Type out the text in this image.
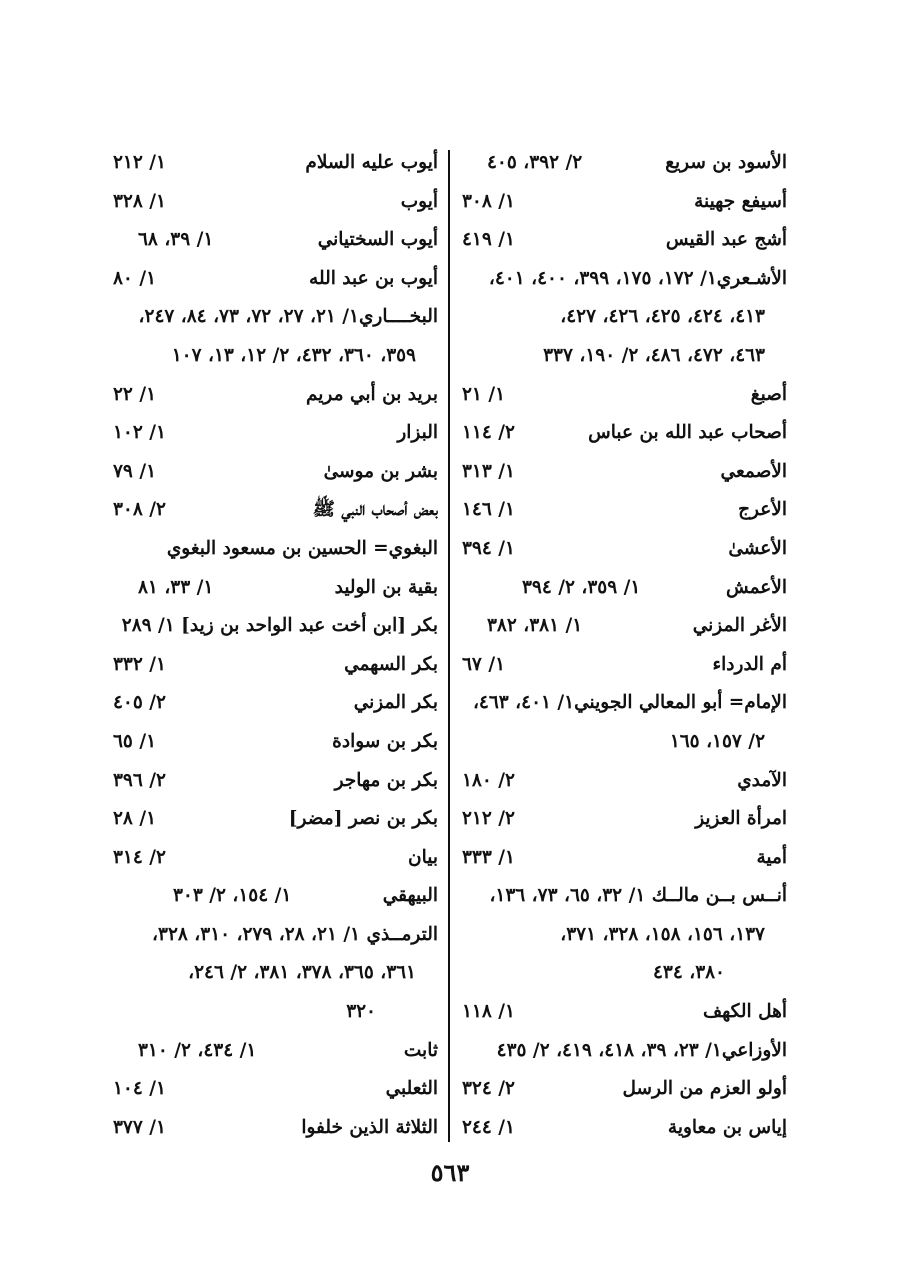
الأسود بن سريع
٢/ ٣٩٢، ٤٠٥
أسيفع جهينة
١/ ٣٠٨
أشج عبد القيس
١/ ٤١٩
الأشـعري١/ ١٧٢، ١٧٥، ٣٩٩، ٤٠٠، ٤٠١،
٤١٣، ٤٢٤، ٤٢٥، ٤٢٦، ٤٢٧،
٤٦٣، ٤٧٢، ٤٨٦، ٢/ ١٩٠، ٣٣٧
أصبغ
١/ ٢١
أصحاب عبد الله بن عباس
٢/ ١١٤
الأصمعي
١/ ٣١٣
الأعرج
١/ ١٤٦
الأعشىٰ
١/ ٣٩٤
الأعمش
١/ ٣٥٩، ٢/ ٣٩٤
الأغر المزني
١/ ٣٨١، ٣٨٢
أم الدرداء
١/ ٦٧
الإمام= أبو المعالي الجويني١/ ٤٠١، ٤٦٣،
٢/ ١٥٧، ١٦٥
الآمدي
٢/ ١٨٠
امرأة العزيز
٢/ ٢١٢
أمية
١/ ٣٣٣
أنــس بــن مالــك ١/ ٣٢، ٦٥، ٧٣، ١٣٦،
١٣٧، ١٥٦، ١٥٨، ٣٢٨، ٣٧١،
٣٨٠، ٤٣٤
أهل الكهف
١/ ١١٨
الأوزاعي١/ ٢٣، ٣٩، ٤١٨، ٤١٩، ٢/ ٤٣٥
أولو العزم من الرسل
٢/ ٣٢٤
إياس بن معاوية
١/ ٢٤٤
أيوب عليه السلام
١/ ٢١٢
أيوب
١/ ٣٢٨
أيوب السختياني
١/ ٣٩، ٦٨
أيوب بن عبد الله
١/ ٨٠
البخــــاري١/ ٢١، ٢٧، ٧٢، ٧٣، ٨٤، ٢٤٧،
٣٥٩، ٣٦٠، ٤٣٢، ٢/ ١٢، ١٣، ١٠٧
بريد بن أبي مريم
١/ ٢٢
البزار
١/ ١٠٢
بشر بن موسىٰ
١/ ٧٩
بعض أصحاب النبي ﷺ
٢/ ٣٠٨
البغوي= الحسين بن مسعود البغوي
بقية بن الوليد
١/ ٣٣، ٨١
بكر [ابن أخت عبد الواحد بن زيد] ١/ ٢٨٩
بكر السهمي
١/ ٣٣٢
بكر المزني
٢/ ٤٠٥
بكر بن سوادة
١/ ٦٥
بكر بن مهاجر
٢/ ٣٩٦
بكر بن نصر [مضر]
١/ ٢٨
بيان
٢/ ٣١٤
البيهقي
١/ ١٥٤، ٢/ ٣٠٣
الترمــذي ١/ ٢١، ٢٨، ٢٧٩، ٣١٠، ٣٢٨،
٣٦١، ٣٦٥، ٣٧٨، ٣٨١، ٢/ ٢٤٦،
٣٢٠
ثابت
١/ ٤٣٤، ٢/ ٣١٠
الثعلبي
١/ ١٠٤
الثلاثة الذين خلفوا
١/ ٣٧٧
٥٦٣
